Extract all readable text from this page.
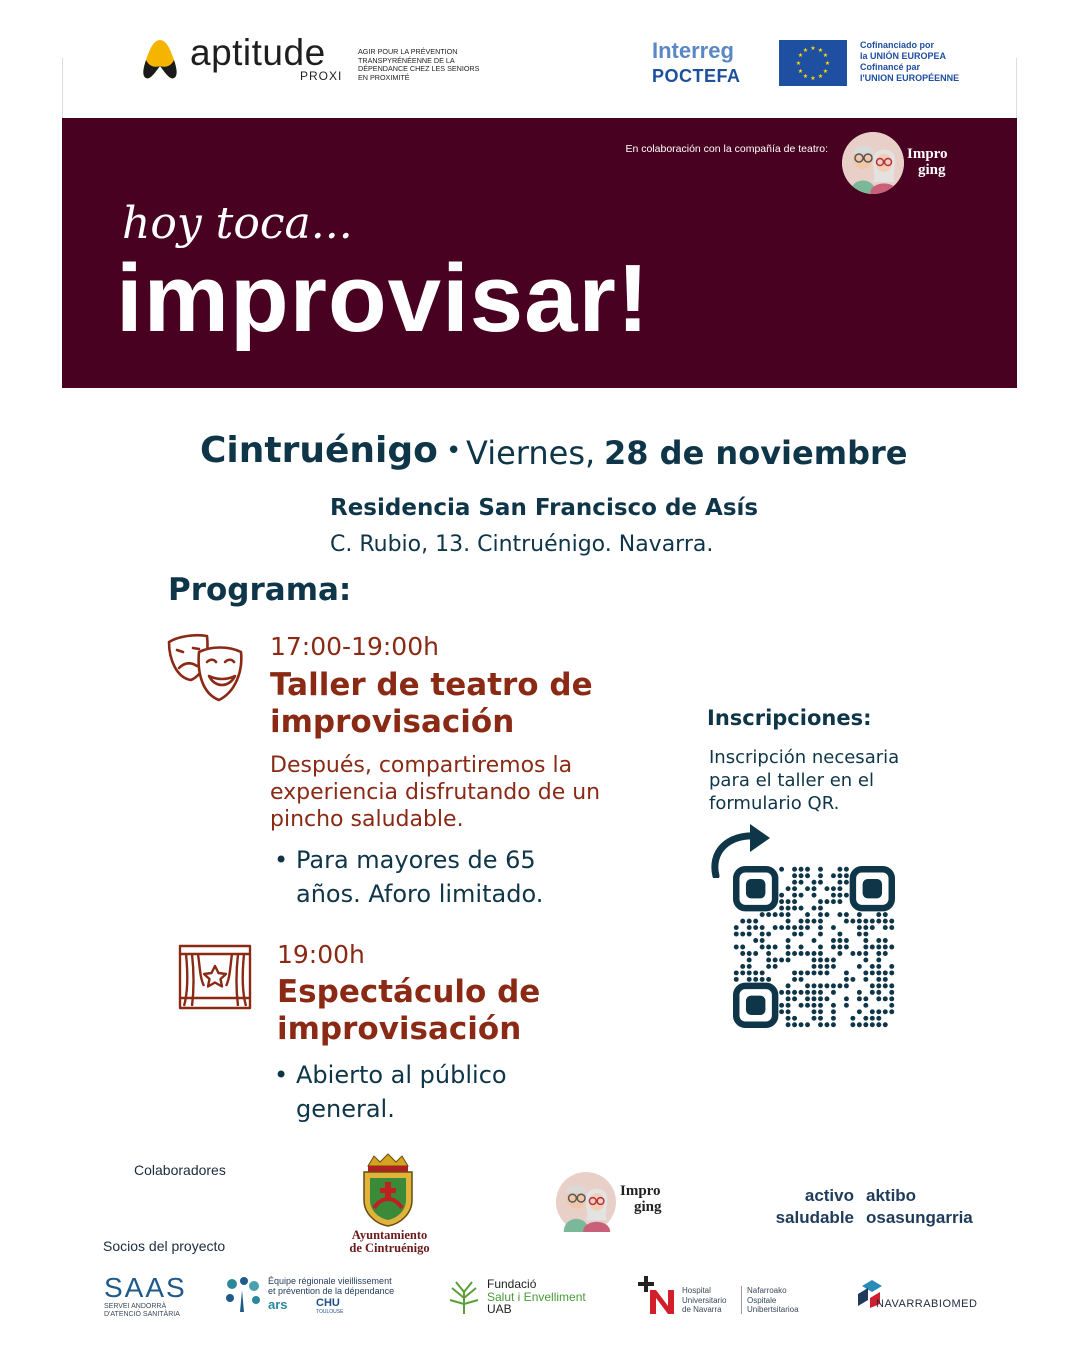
aptitude
PROXI
AGIR POUR LA PRÉVENTION TRANSPYRÉNÉENNE DE LA DÉPENDANCE CHEZ LES SENIORS EN PROXIMITÉ
Interreg
POCTEFA
★ ★
★
★
★
★
★
★
★
★
★
★
Cofinanciado por
la UNIÓN EUROPEA
Cofinancé par
l'UNION EUROPÉENNE
En colaboración con la compañía de teatro:	Impro
ging
hoy toca...
improvisar!
Cintruénigo • Viernes, 28 de noviembre
Residencia San Francisco de Asís
C. Rubio, 13. Cintruénigo. Navarra.
Programa:
17:00-19:00h
Taller de teatro de improvisación
Después, compartiremos la experiencia disfrutando de un pincho saludable.
• Para mayores de 65 años. Aforo limitado.
19:00h
Espectáculo de improvisación
• Abierto al público general.
Inscripciones:
Inscripción necesaria para el taller en el formulario QR.
Colaboradores
Ayuntamiento
de Cintruénigo
Impro
ging
activo
saludable
aktibo
osasungarria
Socios del proyecto
SAAS
SERVEI ANDORRÀ
D'ATENCIÓ SANITÀRIA
Équipe régionale vieillissement
et prévention de la dépendance
ars	CHU
TOULOUSE
Fundació
Salut i Envelliment
UAB
Hospital
Universitario
de Navarra
Nafarroako
Ospitale
Unibertsitarioa	NAVARRABIOMED
